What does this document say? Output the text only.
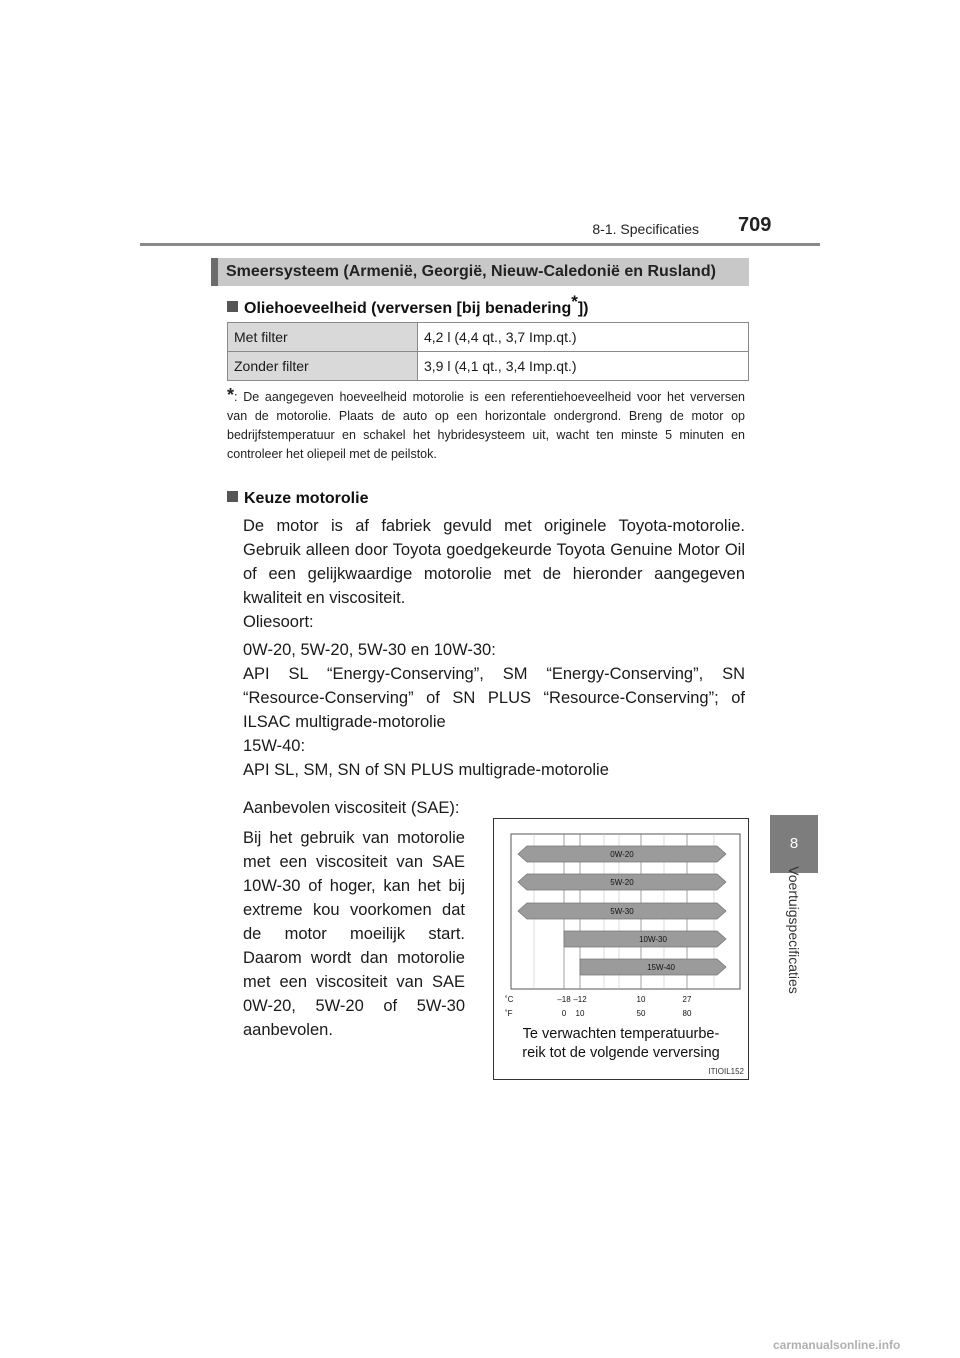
8-1. Specificaties 709
8
Voertuigspecificaties
Smeersysteem (Armenië, Georgië, Nieuw-Caledonië en Rusland)
Oliehoeveelheid (verversen [bij benadering*])
Met filter	4,2 l (4,4 qt., 3,7 Imp.qt.)
Zonder filter	3,9 l (4,1 qt., 3,4 Imp.qt.)
*: De aangegeven hoeveelheid motorolie is een referentiehoeveelheid voor het verversen van de motorolie. Plaats de auto op een horizontale ondergrond. Breng de motor op bedrijfstemperatuur en schakel het hybridesysteem uit, wacht ten minste 5 minuten en controleer het oliepeil met de peilstok.
Keuze motorolie
De motor is af fabriek gevuld met originele Toyota-motorolie. Gebruik alleen door Toyota goedgekeurde Toyota Genuine Motor Oil of een gelijkwaardige motorolie met de hieronder aangegeven kwaliteit en viscositeit.
Oliesoort:
0W-20, 5W-20, 5W-30 en 10W-30:
API SL “Energy-Conserving”, SM “Energy-Conserving”, SN “Resource-Conserving” of SN PLUS “Resource-Conserving”; of ILSAC multigrade-motorolie
15W-40:
API SL, SM, SN of SN PLUS multigrade-motorolie
Aanbevolen viscositeit (SAE):
Bij het gebruik van motorolie met een viscositeit van SAE 10W-30 of hoger, kan het bij extreme kou voorkomen dat de motor moeilijk start. Daarom wordt dan motorolie met een viscositeit van SAE 0W-20, 5W-20 of 5W-30 aanbevolen.
0W-20
5W-20
5W-30
10W-30
15W-40
˚C
˚F
–18 –12	10	27
0 10	50	80
Te verwachten temperatuurbe-
reik tot de volgende verversing
ITIOIL152
carmanualsonline.info
